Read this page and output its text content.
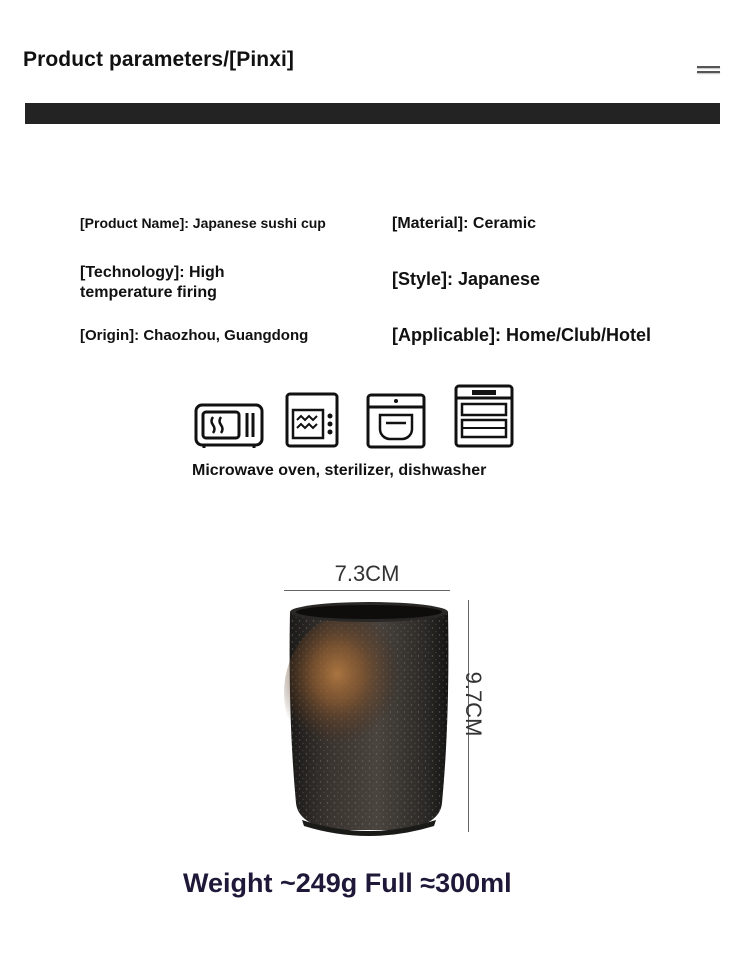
Product parameters/[Pinxi]
[Product Name]: Japanese sushi cup	[Material]: Ceramic
[Technology]: High temperature firing
[Style]: Japanese
[Origin]: Chaozhou, Guangdong	[Applicable]: Home/Club/Hotel
Microwave oven, sterilizer, dishwasher
7.3CM
9.7CM
Weight ~249g Full ≈300ml
